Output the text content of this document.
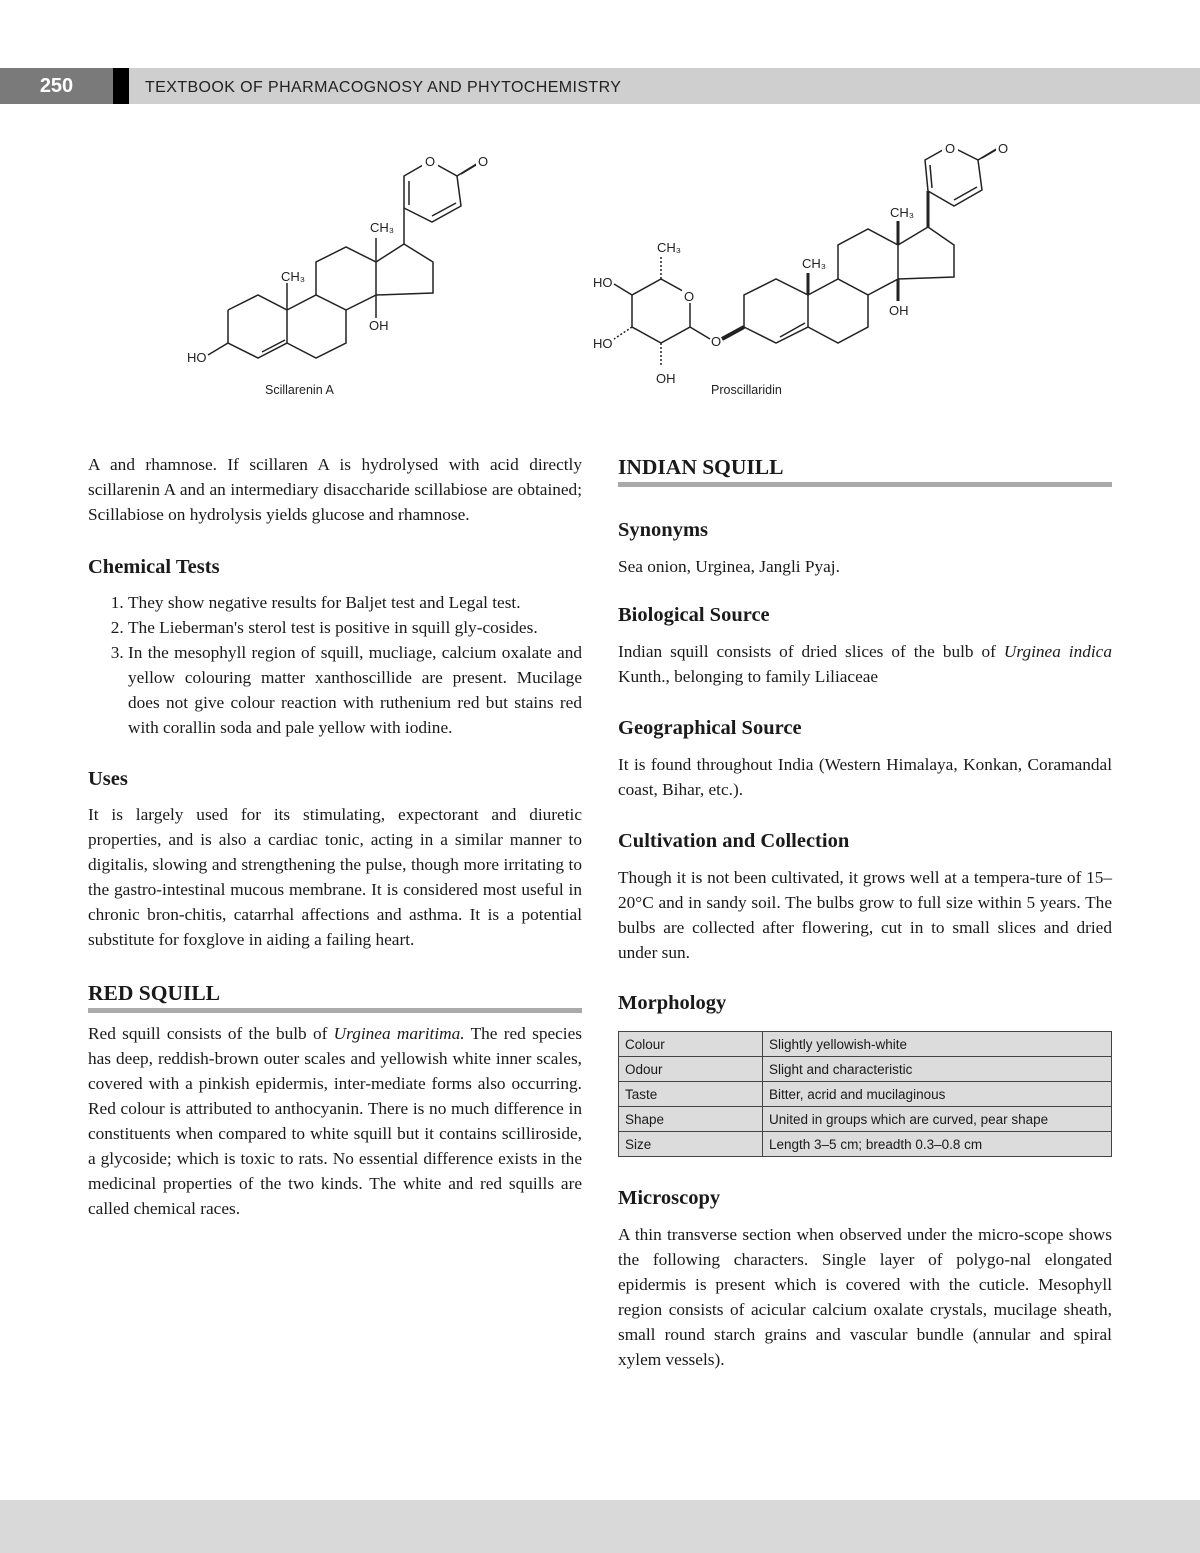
250	TEXTBOOK OF PHARMACOGNOSY AND PHYTOCHEMISTRY
O	O
CH₃
CH₃
OH
HO
Scillarenin A
O	O
CH₃
CH₃
OH
CH₃
O
O
HO
HO
OH
Proscillaridin

A and rhamnose. If scillaren A is hydrolysed with acid directly scillarenin A and an intermediary disaccharide scillabiose are obtained; Scillabiose on hydrolysis yields glucose and rhamnose.

Chemical Tests
1. They show negative results for Baljet test and Legal test.
2. The Lieberman's sterol test is positive in squill gly-cosides.
3. In the mesophyll region of squill, mucliage, calcium oxalate and yellow colouring matter xanthoscillide are present. Mucilage does not give colour reaction with ruthenium red but stains red with corallin soda and pale yellow with iodine.
Uses

It is largely used for its stimulating, expectorant and diuretic properties, and is also a cardiac tonic, acting in a similar manner to digitalis, slowing and strengthening the pulse, though more irritating to the gastro-intestinal mucous membrane. It is considered most useful in chronic bron-chitis, catarrhal affections and asthma. It is a potential substitute for foxglove in aiding a failing heart.

RED SQUILL

Red squill consists of the bulb of Urginea maritima. The red species has deep, reddish-brown outer scales and yellowish white inner scales, covered with a pinkish epidermis, inter-mediate forms also occurring. Red colour is attributed to anthocyanin. There is no much difference in constituents when compared to white squill but it contains scilliroside, a glycoside; which is toxic to rats. No essential difference exists in the medicinal properties of the two kinds. The white and red squills are called chemical races.

INDIAN SQUILL
Synonyms

Sea onion, Urginea, Jangli Pyaj.

Biological Source

Indian squill consists of dried slices of the bulb of Urginea indica Kunth., belonging to family Liliaceae

Geographical Source

It is found throughout India (Western Himalaya, Konkan, Coramandal coast, Bihar, etc.).

Cultivation and Collection

Though it is not been cultivated, it grows well at a tempera-ture of 15–20°C and in sandy soil. The bulbs grow to full size within 5 years. The bulbs are collected after flowering, cut in to small slices and dried under sun.

Morphology
Colour	Slightly yellowish-white
Odour	Slight and characteristic
Taste	Bitter, acrid and mucilaginous
Shape	United in groups which are curved, pear shape
Size	Length 3–5 cm; breadth 0.3–0.8 cm
Microscopy

A thin transverse section when observed under the micro-scope shows the following characters. Single layer of polygo-nal elongated epidermis is present which is covered with the cuticle. Mesophyll region consists of acicular calcium oxalate crystals, mucilage sheath, small round starch grains and vascular bundle (annular and spiral xylem vessels).
